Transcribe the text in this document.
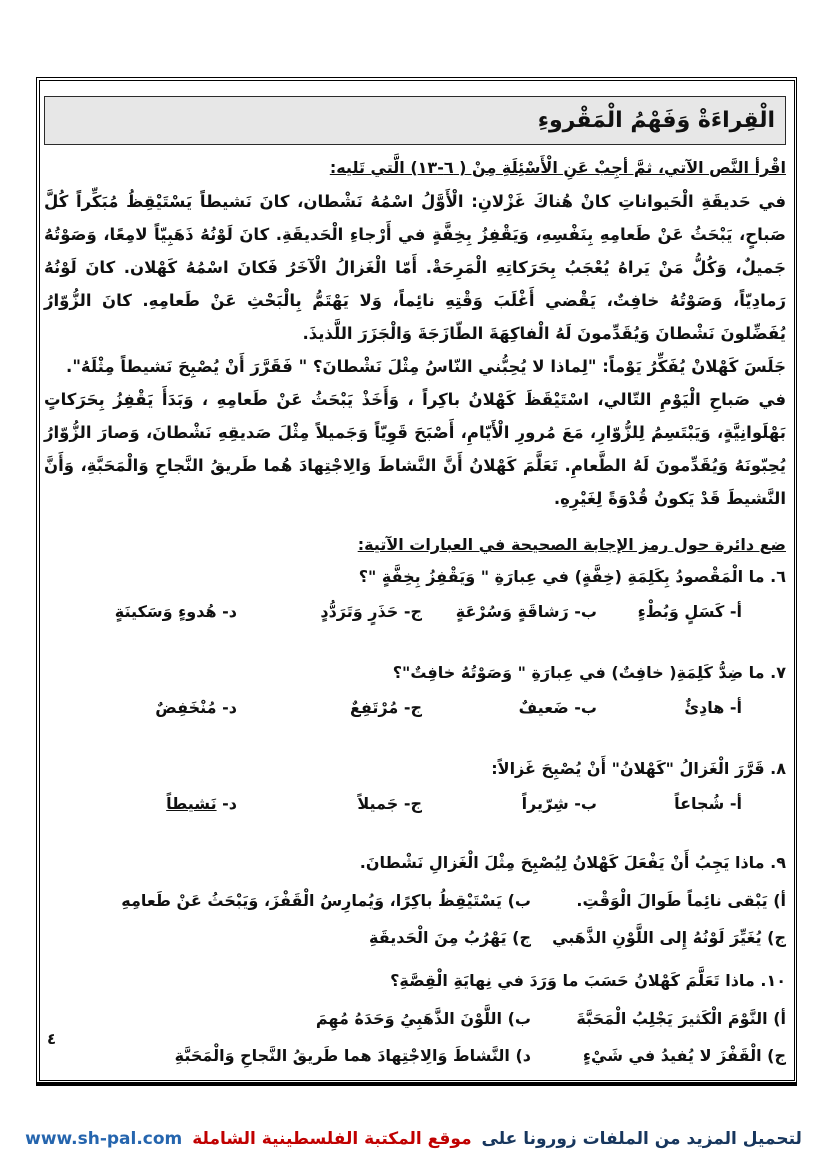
الْقِراءَةْ وَفَهْمُ الْمَقْروءِ
اقْرأ النَّص الآتي، ثمَّ أجِبْ عَنِ الْأَسْئِلَةِ مِنْ ( ٦-١٣) الَّتي تَليه:

في حَديقَةِ الْحَيواناتِ كانْ هُناكَ غَزْلانِ: الْأَوَّلُ اسْمُهُ نَشْطان، كانَ نَشيطاً يَسْتَيْقِظُ مُبَكِّراً كُلَّ صَباحٍ، يَبْحَثُ عَنْ طَعامِهِ بِنَفْسِهِ، وَيَقْفِزُ بِخِفَّةٍ في أَرْجاءِ الْحَديقَةِ. كانَ لَوْنُهُ ذَهَبِيّاً لامِعًا، وَصَوْتُهُ جَميلٌ، وَكُلُّ مَنْ يَراهُ يُعْجَبُ بِحَرَكاتِهِ الْمَرِحَةْ. أَمّا الْغَزالُ الْآخَرُ فَكانَ اسْمُهُ كَهْلان. كانَ لَوْنُهُ رَمادِيّاً، وَصَوْتُهُ خافِتٌ، يَقْضي أَغْلَبَ وَقْتِهِ نائِماً، وَلا يَهْتَمُّ بِالْبَحْثِ عَنْ طَعامِهِ. كانَ الزُّوّارُ يُفَضِّلونَ نَشْطانَ وَيُقَدِّمونَ لَهُ الْفاكِهَةَ الطّازَجَةَ وَالْجَزَرَ اللَّذيذَ.

جَلَسَ كَهْلانْ يُفَكِّرُ يَوْماً: "لِماذا لا يُحِبُّني النّاسُ مِثْلَ نَشْطانَ؟ " فَقَرَّرَ أَنْ يُصْبِحَ نَشيطاً مِثْلَهُ".

في صَباحِ الْيَوْمِ التّالي، اسْتَيْقَظَ كَهْلانُ باكِراً ، وَأَخَذْ يَبْحَثُ عَنْ طَعامِهِ ، وَبَدَأَ يَقْفِزُ بِحَرَكاتٍ بَهْلَوانِيَّةٍ، وَيَبْتَسِمُ لِلزُّوّارِ، مَعَ مُرورِ الْأَيّامِ، أَصْبَحَ قَوِيّاً وَجَميلاً مِثْلَ صَديقِهِ نَشْطانَ، وَصارَ الزُّوّارُ يُحِبّونَهُ وَيُقَدِّمونَ لَهُ الطَّعامِ. تَعَلَّمَ كَهْلانُ أَنَّ النَّشاطَ وَالِاجْتِهادَ هُما طَريقُ النَّجاحِ وَالْمَحَبَّةِ، وَأَنَّ النَّشيطَ قَدْ يَكونُ قُدْوَةً لِغَيْرِهِ.

ضع دائرة حول رمز الإجابة الصحيحة في العبارات الآتية:
٦. ما الْمَقْصودُ بِكَلِمَةِ (خِفَّةٍ) في عِبارَةِ " وَيَقْفِزُ بِخِفَّةٍ "؟
أ- كَسَلٍ وَبُطْءٍ
ب- رَشاقَةٍ وَسُرْعَةٍ
ج- حَذَرٍ وَتَرَدُّدٍ
د- هُدوءٍ وَسَكينَةٍ
٧. ما ضِدُّ كَلِمَةِ( خافِتٌ) في عِبارَةِ " وَصَوْتُهُ خافِتٌ"؟
أ- هادِئٌ
ب- ضَعيفٌ
ج- مُرْتَفِعٌ
د- مُنْخَفِضٌ
٨. قَرَّرَ الْغَزالُ "كَهْلانُ" أَنْ يُصْبِحَ غَزالاً:
أ- شُجاعاً
ب- شِرّيراً
ج- جَميلاً
د- نَشيطاً
٩. ماذا يَجِبُ أَنْ يَفْعَلَ كَهْلانُ لِيُصْبِحَ مِثْلَ الْغَزالِ نَشْطانَ.
أ) يَبْقى نائِماً طَوالَ الْوَقْتِ.
ب) يَسْتَيْقِظُ باكِرًا، وَيُمارِسُ الْقَفْزَ، وَيَبْحَثُ عَنْ طَعامِهِ
ج) يُغَيِّرَ لَوْنُهُ إِلى اللَّوْنِ الذَّهَبي
ج) يَهْرُبُ مِنَ الْحَديقَةِ
١٠. ماذا تَعَلَّمَ كَهْلانُ حَسَبَ ما وَرَدَ في نِهايَةِ الْقِصَّةِ؟
أ) النَّوْمَ الْكَثيرَ يَجْلِبُ الْمَحَبَّةَ
ب) اللَّوْنَ الذَّهَبِيُ وَحَدَهُ مُهِمَ
ج) الْقَفْزَ لا يُفيدُ في شَيْءٍ
د) النَّشاطَ وَالِاجْتِهادَ هما طَريقُ النَّجاحِ وَالْمَحَبَّةِ
٤
لتحميل المزيد من الملفات زورونا على موقع المكتبة الفلسطينية الشاملة www.sh-pal.com
